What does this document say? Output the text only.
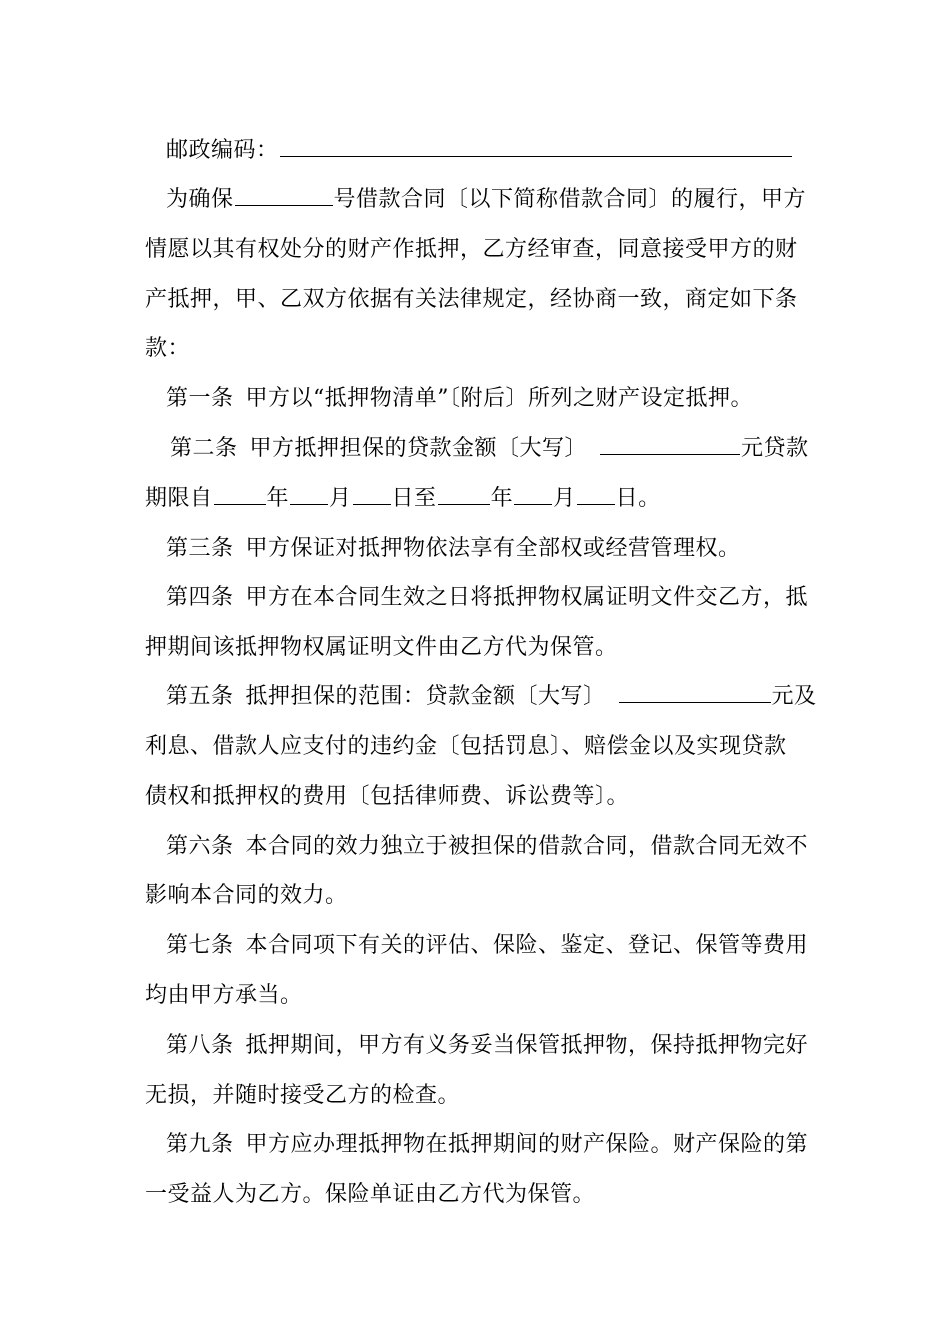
邮政编码：
为确保	号借款合同〔以下简称借款合同〕的履行，甲方
情愿以其有权处分的财产作抵押，乙方经审查，同意接受甲方的财
产抵押，甲、乙双方依据有关法律规定，经协商一致，商定如下条
款：
第一条 甲方以“抵押物清单”〔附后〕所列之财产设定抵押。
第二条 甲方抵押担保的贷款金额〔大写〕	元贷款
期限自 年 月 日至 年 月 日。
第三条 甲方保证对抵押物依法享有全部权或经营管理权。
第四条 甲方在本合同生效之日将抵押物权属证明文件交乙方，抵
押期间该抵押物权属证明文件由乙方代为保管。
第五条 抵押担保的范围：贷款金额〔大写〕	元及
利息、借款人应支付的违约金〔包括罚息〕、赔偿金以及实现贷款
债权和抵押权的费用〔包括律师费、诉讼费等〕。
第六条 本合同的效力独立于被担保的借款合同，借款合同无效不
影响本合同的效力。
第七条 本合同项下有关的评估、保险、鉴定、登记、保管等费用
均由甲方承当。
第八条 抵押期间，甲方有义务妥当保管抵押物，保持抵押物完好
无损，并随时接受乙方的检查。
第九条 甲方应办理抵押物在抵押期间的财产保险。财产保险的第
一受益人为乙方。保险单证由乙方代为保管。
